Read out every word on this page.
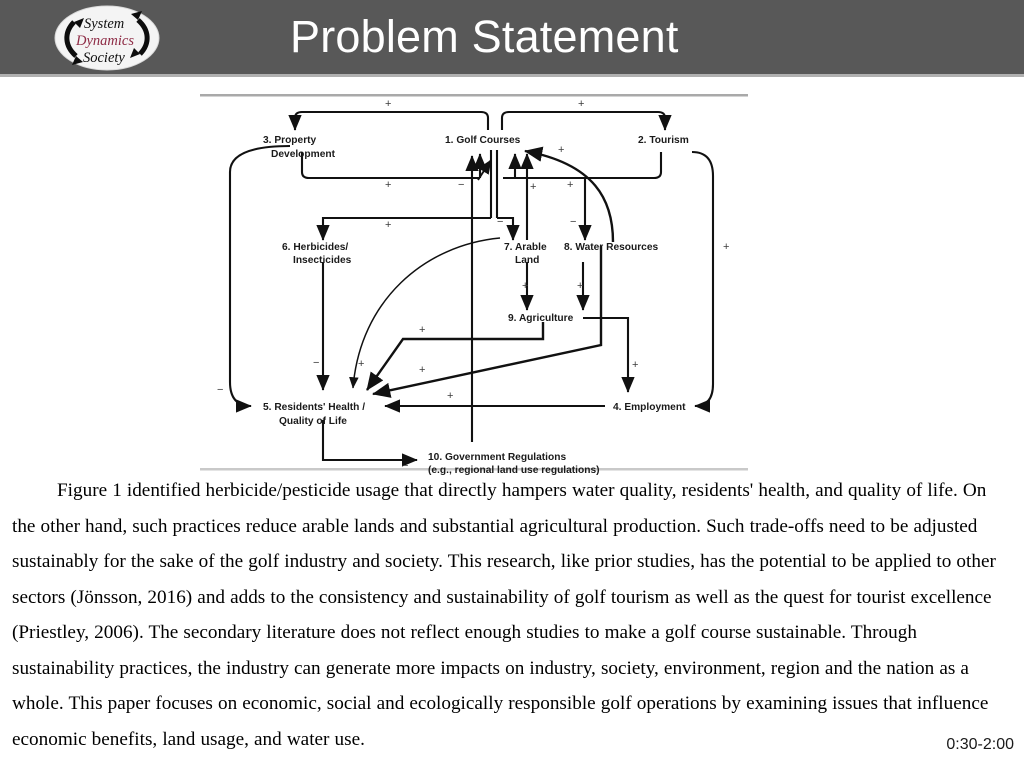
System
Dynamics
Society	Problem Statement
3. Property
Development
1. Golf Courses	2. Tourism
6. Herbicides/
Insecticides
7. Arable
Land
8. Water Resources
9. Agriculture
5. Residents' Health /
Quality of Life
4. Employment
10. Government Regulations
(e.g., regional land use regulations)
+	+
+	+
+
+
−
+	−	−
+	+
+
−	+	+	+
−	+
+
−
Figure 1 identified herbicide/pesticide usage that directly hampers water quality, residents' health, and quality of life. On the other hand, such practices reduce arable lands and substantial agricultural production. Such trade-offs need to be adjusted sustainably for the sake of the golf industry and society. This research, like prior studies, has the potential to be applied to other sectors (Jönsson, 2016) and adds to the consistency and sustainability of golf tourism as well as the quest for tourist excellence (Priestley, 2006). The secondary literature does not reflect enough studies to make a golf course sustainable. Through sustainability practices, the industry can generate more impacts on industry, society, environment, region and the nation as a whole. This paper focuses on economic, social and ecologically responsible golf operations by examining issues that influence economic benefits, land usage, and water use.	0:30-2:00
